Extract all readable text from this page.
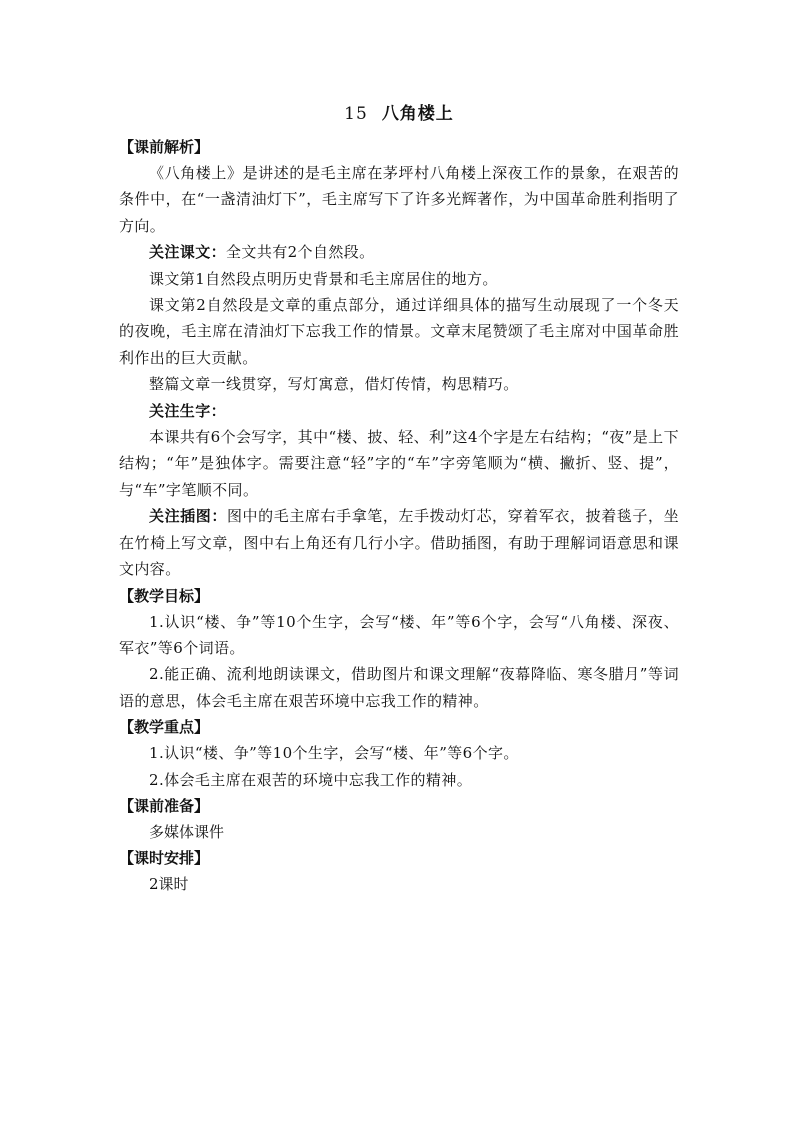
15 八角楼上
【课前解析】

《八角楼上》是讲述的是毛主席在茅坪村八角楼上深夜工作的景象，在艰苦的条件中，在“一盏清油灯下”，毛主席写下了许多光辉著作，为中国革命胜利指明了方向。

关注课文：全文共有2个自然段。

课文第1自然段点明历史背景和毛主席居住的地方。

课文第2自然段是文章的重点部分，通过详细具体的描写生动展现了一个冬天的夜晚，毛主席在清油灯下忘我工作的情景。文章末尾赞颂了毛主席对中国革命胜利作出的巨大贡献。

整篇文章一线贯穿，写灯寓意，借灯传情，构思精巧。

关注生字：

本课共有6个会写字，其中“楼、披、轻、利”这4个字是左右结构；“夜”是上下结构；“年”是独体字。需要注意“轻”字的“车”字旁笔顺为“横、撇折、竖、提”，与“车”字笔顺不同。

关注插图：图中的毛主席右手拿笔，左手拨动灯芯，穿着军衣，披着毯子，坐在竹椅上写文章，图中右上角还有几行小字。借助插图，有助于理解词语意思和课文内容。

【教学目标】

1.认识“楼、争”等10个生字，会写“楼、年”等6个字，会写“八角楼、深夜、军衣”等6个词语。

2.能正确、流利地朗读课文，借助图片和课文理解“夜幕降临、寒冬腊月”等词语的意思，体会毛主席在艰苦环境中忘我工作的精神。

【教学重点】

1.认识“楼、争”等10个生字，会写“楼、年”等6个字。

2.体会毛主席在艰苦的环境中忘我工作的精神。

【课前准备】

多媒体课件

【课时安排】

2课时
